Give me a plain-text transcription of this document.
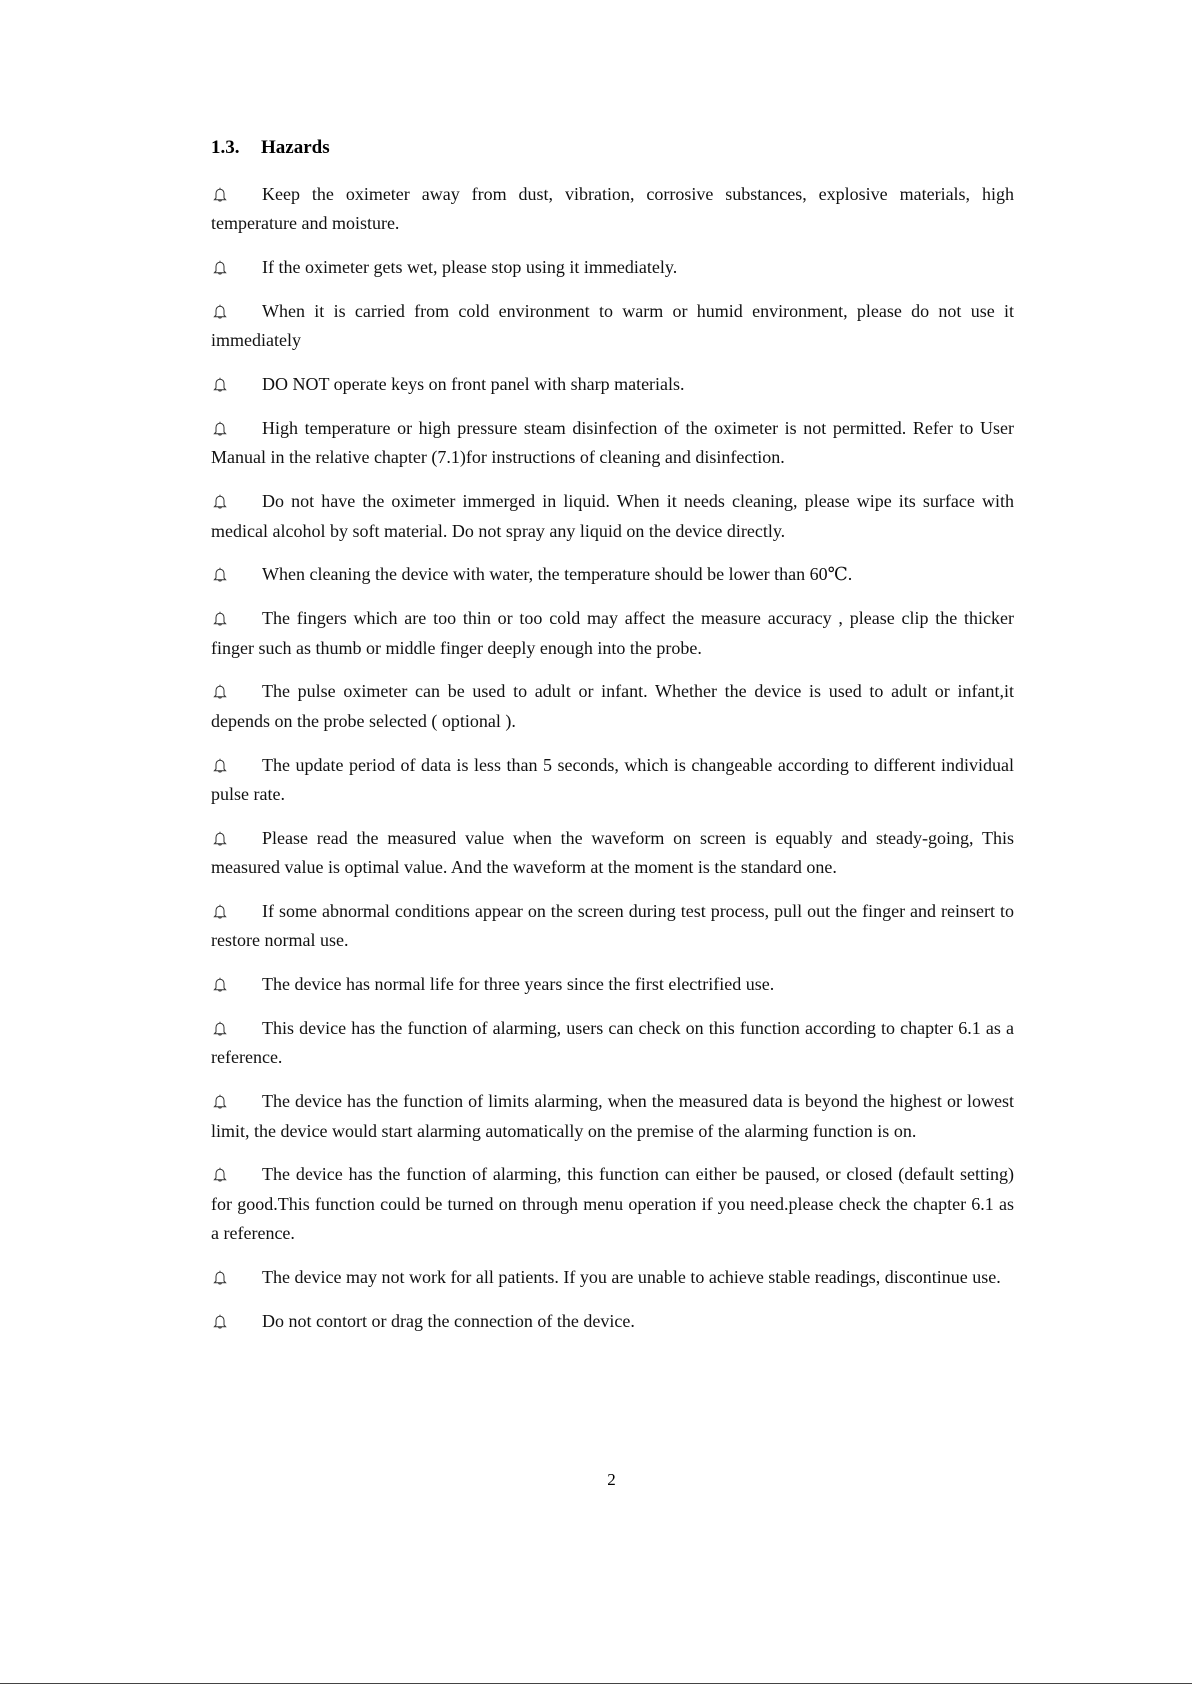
1.3. Hazards
Keep the oximeter away from dust, vibration, corrosive substances, explosive materials, high temperature and moisture.
If the oximeter gets wet, please stop using it immediately.
When it is carried from cold environment to warm or humid environment, please do not use it immediately
DO NOT operate keys on front panel with sharp materials.
High temperature or high pressure steam disinfection of the oximeter is not permitted. Refer to User Manual in the relative chapter (7.1)for instructions of cleaning and disinfection.
Do not have the oximeter immerged in liquid. When it needs cleaning, please wipe its surface with medical alcohol by soft material. Do not spray any liquid on the device directly.
When cleaning the device with water, the temperature should be lower than 60℃.
The fingers which are too thin or too cold may affect the measure accuracy , please clip the thicker finger such as thumb or middle finger deeply enough into the probe.
The pulse oximeter can be used to adult or infant. Whether the device is used to adult or infant,it depends on the probe selected ( optional ).
The update period of data is less than 5 seconds, which is changeable according to different individual pulse rate.
Please read the measured value when the waveform on screen is equably and steady-going, This measured value is optimal value. And the waveform at the moment is the standard one.
If some abnormal conditions appear on the screen during test process, pull out the finger and reinsert to restore normal use.
The device has normal life for three years since the first electrified use.
This device has the function of alarming, users can check on this function according to chapter 6.1 as a reference.
The device has the function of limits alarming, when the measured data is beyond the highest or lowest limit, the device would start alarming automatically on the premise of the alarming function is on.
The device has the function of alarming, this function can either be paused, or closed (default setting) for good.This function could be turned on through menu operation if you need.please check the chapter 6.1 as a reference.
The device may not work for all patients. If you are unable to achieve stable readings, discontinue use.
Do not contort or drag the connection of the device.

2
